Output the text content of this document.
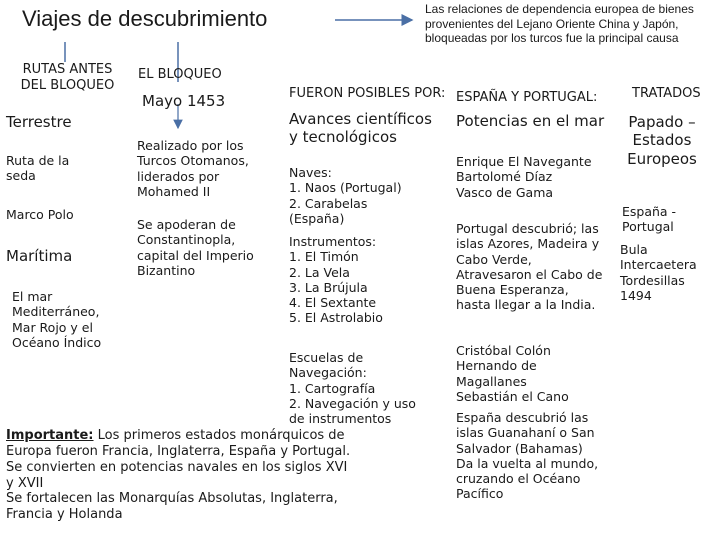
Viajes de descubrimiento	Las relaciones de dependencia europea de bienes provenientes del Lejano Oriente China y Japón, bloqueadas por los turcos fue la principal causa
RUTAS ANTES DEL BLOQUEO
Terrestre
Ruta de la seda
Marco Polo
Marítima
El mar Mediterráneo, Mar Rojo y el Océano Índico
EL BLOQUEO
Mayo 1453
Realizado por los Turcos Otomanos, liderados por Mohamed II
Se apoderan de Constantinopla, capital del Imperio Bizantino
FUERON POSIBLES POR:
Avances científicos y tecnológicos
Naves:
1. Naos (Portugal)
2. Carabelas (España)
Instrumentos:
1. El Timón
2. La Vela
3. La Brújula
4. El Sextante
5. El Astrolabio
Escuelas de Navegación:
1. Cartografía
2. Navegación y uso de instrumentos
ESPAÑA Y PORTUGAL:
Potencias en el mar
Enrique El Navegante
Bartolomé Díaz
Vasco de Gama
Portugal descubrió; las islas Azores, Madeira y Cabo Verde, Atravesaron el Cabo de Buena Esperanza, hasta llegar a la India.
Cristóbal Colón
Hernando de Magallanes
Sebastián el Cano
España descubrió las islas Guanahaní o San Salvador (Bahamas)
Da la vuelta al mundo, cruzando el Océano Pacífico
TRATADOS
Papado – Estados Europeos
España - Portugal
Bula Intercaetera Tordesillas 1494
Importante: Los primeros estados monárquicos de Europa fueron Francia, Inglaterra, España y Portugal. Se convierten en potencias navales en los siglos XVI y XVII
Se fortalecen las Monarquías Absolutas, Inglaterra, Francia y Holanda
